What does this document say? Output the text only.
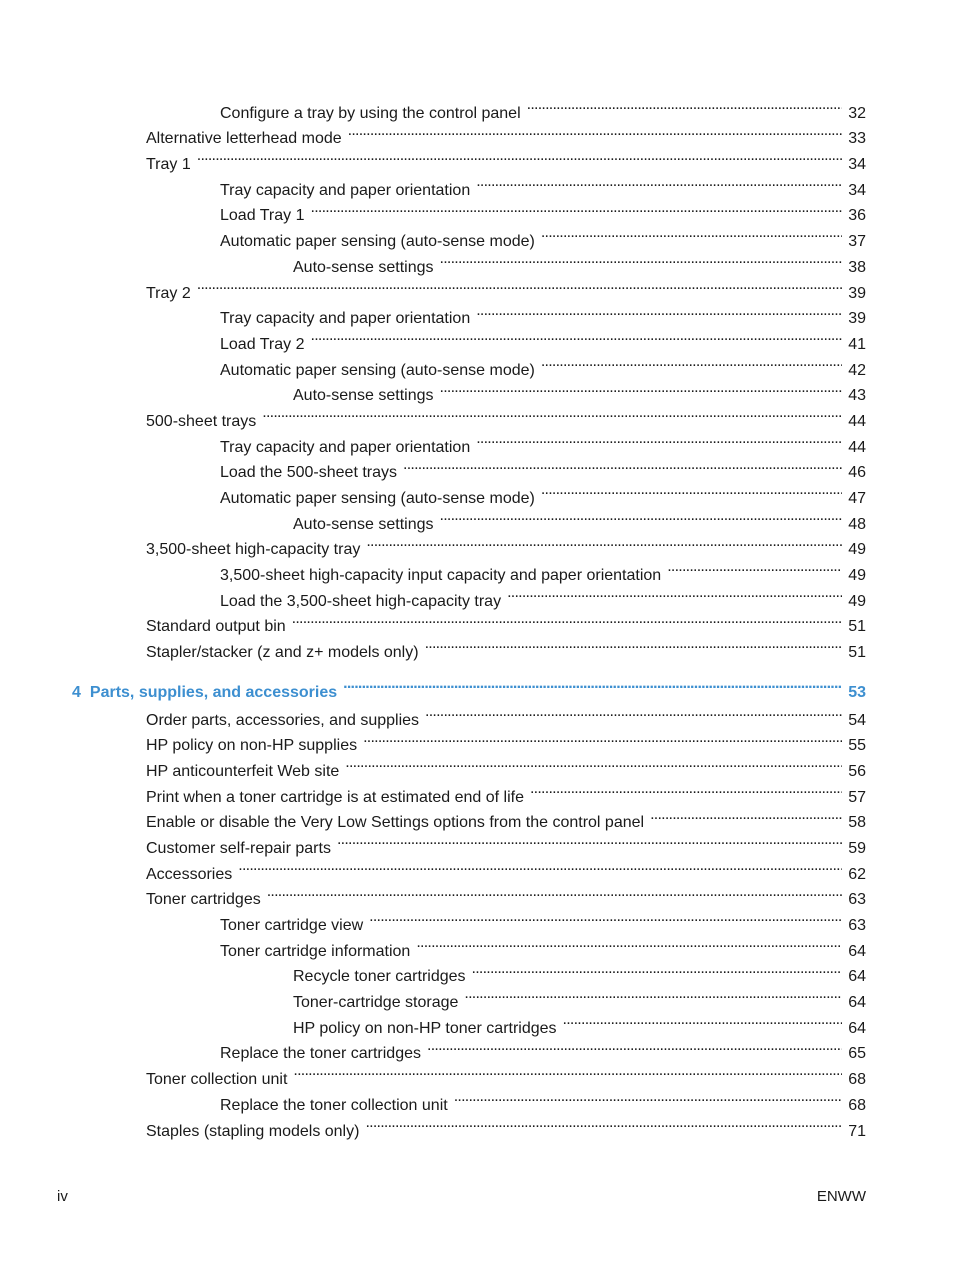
Configure a tray by using the control panel . . .	32
Alternative letterhead mode . . .	33
Tray 1 . . .	34
Tray capacity and paper orientation . . .	34
Load Tray 1 . . .	36
Automatic paper sensing (auto-sense mode) . . .	37
Auto-sense settings . . .	38
Tray 2 . . .	39
Tray capacity and paper orientation . . .	39
Load Tray 2 . . .	41
Automatic paper sensing (auto-sense mode) . . .	42
Auto-sense settings . . .	43
500-sheet trays . . .	44
Tray capacity and paper orientation . . .	44
Load the 500-sheet trays . . .	46
Automatic paper sensing (auto-sense mode) . . .	47
Auto-sense settings . . .	48
3,500-sheet high-capacity tray . . .	49
3,500-sheet high-capacity input capacity and paper orientation . . .	49
Load the 3,500-sheet high-capacity tray . . .	49
Standard output bin . . .	51
Stapler/stacker (z and z+ models only) . . .	51
4 Parts, supplies, and accessories . . .	53
Order parts, accessories, and supplies . . .	54
HP policy on non-HP supplies . . .	55
HP anticounterfeit Web site . . .	56
Print when a toner cartridge is at estimated end of life . . .	57
Enable or disable the Very Low Settings options from the control panel . . .	58
Customer self-repair parts . . .	59
Accessories . . .	62
Toner cartridges . . .	63
Toner cartridge view . . .	63
Toner cartridge information . . .	64
Recycle toner cartridges . . .	64
Toner-cartridge storage . . .	64
HP policy on non-HP toner cartridges . . .	64
Replace the toner cartridges . . .	65
Toner collection unit . . .	68
Replace the toner collection unit . . .	68
Staples (stapling models only) . . .	71
iv	ENWW
